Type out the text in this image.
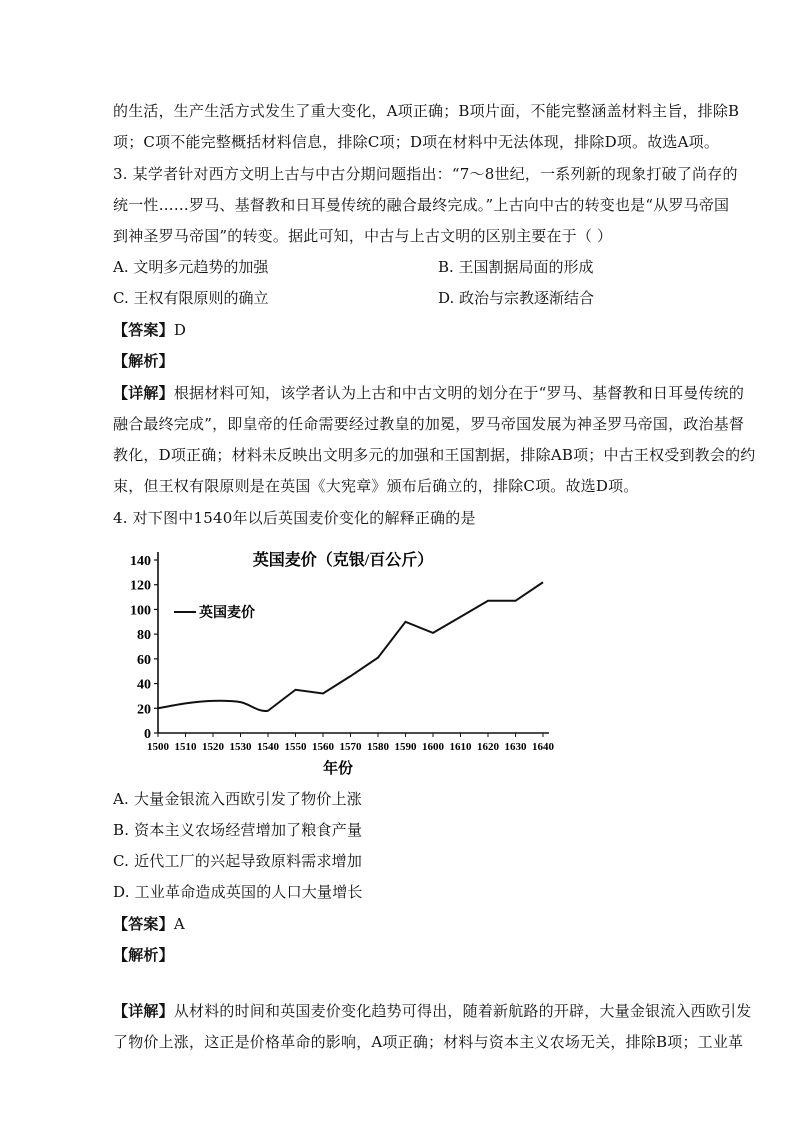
的生活，生产生活方式发生了重大变化，A项正确；B项片面，不能完整涵盖材料主旨，排除B
项；C项不能完整概括材料信息，排除C项；D项在材料中无法体现，排除D项。故选A项。
3. 某学者针对西方文明上古与中古分期问题指出：“7～8世纪，一系列新的现象打破了尚存的
统一性……罗马、基督教和日耳曼传统的融合最终完成。”上古向中古的转变也是“从罗马帝国
到神圣罗马帝国”的转变。据此可知，中古与上古文明的区别主要在于（ ）
A. 文明多元趋势的加强	B. 王国割据局面的形成
C. 王权有限原则的确立	D. 政治与宗教逐渐结合
【答案】D
【解析】
【详解】根据材料可知，该学者认为上古和中古文明的划分在于“罗马、基督教和日耳曼传统的
融合最终完成”，即皇帝的任命需要经过教皇的加冕，罗马帝国发展为神圣罗马帝国，政治基督
教化，D项正确；材料未反映出文明多元的加强和王国割据，排除AB项；中古王权受到教会的约
束，但王权有限原则是在英国《大宪章》颁布后确立的，排除C项。故选D项。
4. 对下图中1540年以后英国麦价变化的解释正确的是
0
20
40
60
80
100
120
140
1500 1510 1520 1530 1540 1550 1560 1570 1580 1590 1600 1610 1620 1630 1640
英国麦价（克银/百公斤）
年份
英国麦价
A. 大量金银流入西欧引发了物价上涨
B. 资本主义农场经营增加了粮食产量
C. 近代工厂的兴起导致原料需求增加
D. 工业革命造成英国的人口大量增长
【答案】A
【解析】
【详解】从材料的时间和英国麦价变化趋势可得出，随着新航路的开辟，大量金银流入西欧引发
了物价上涨，这正是价格革命的影响，A项正确；材料与资本主义农场无关，排除B项；工业革
